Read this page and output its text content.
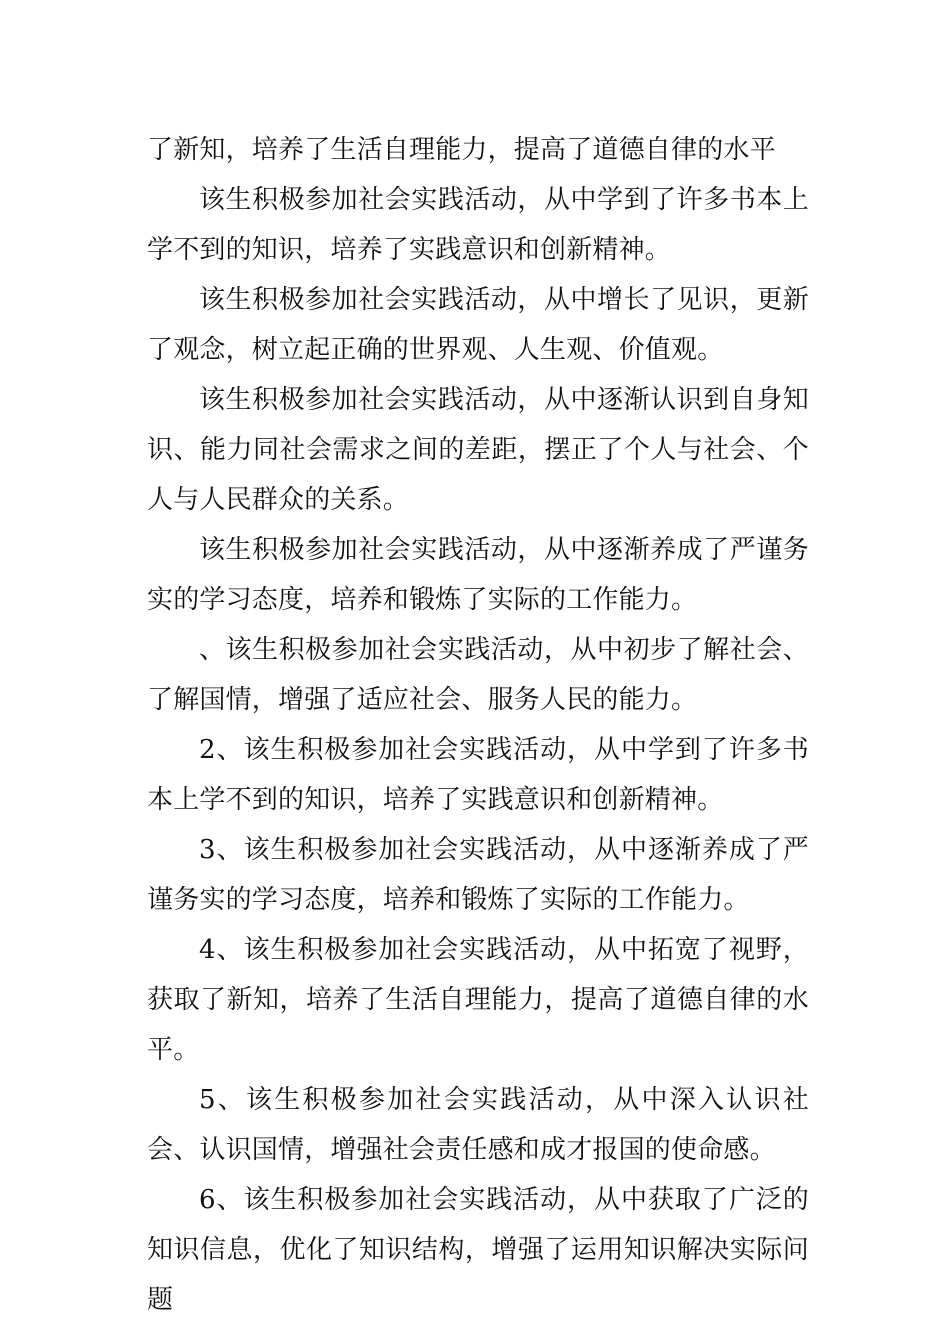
了新知，培养了生活自理能力，提高了道德自律的水平

该生积极参加社会实践活动，从中学到了许多书本上学不到的知识，培养了实践意识和创新精神。

该生积极参加社会实践活动，从中增长了见识，更新了观念，树立起正确的世界观、人生观、价值观。

该生积极参加社会实践活动，从中逐渐认识到自身知识、能力同社会需求之间的差距，摆正了个人与社会、个人与人民群众的关系。

该生积极参加社会实践活动，从中逐渐养成了严谨务实的学习态度，培养和锻炼了实际的工作能力。

、该生积极参加社会实践活动，从中初步了解社会、了解国情，增强了适应社会、服务人民的能力。

2、该生积极参加社会实践活动，从中学到了许多书本上学不到的知识，培养了实践意识和创新精神。

3、该生积极参加社会实践活动，从中逐渐养成了严谨务实的学习态度，培养和锻炼了实际的工作能力。

4、该生积极参加社会实践活动，从中拓宽了视野，获取了新知，培养了生活自理能力，提高了道德自律的水平。

5、该生积极参加社会实践活动，从中深入认识社会、认识国情，增强社会责任感和成才报国的使命感。

6、该生积极参加社会实践活动，从中获取了广泛的知识信息，优化了知识结构，增强了运用知识解决实际问题
